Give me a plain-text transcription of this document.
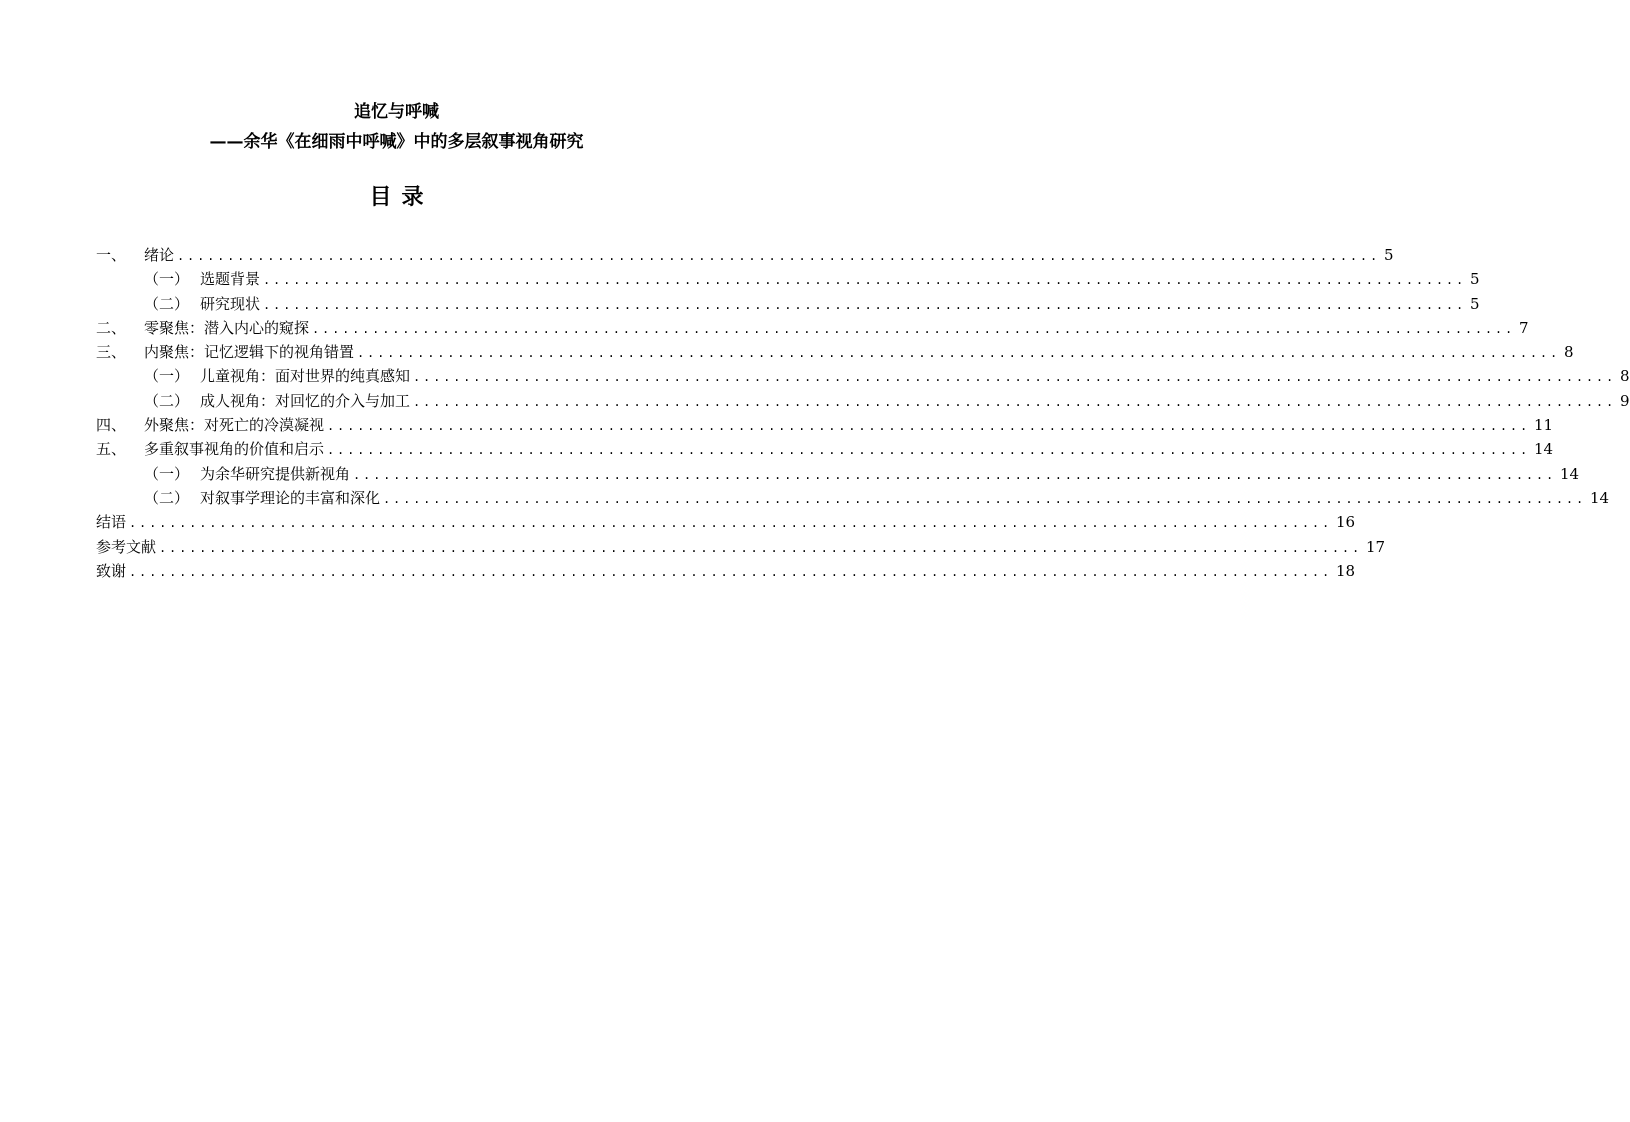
追忆与呼喊
——余华《在细雨中呼喊》中的多层叙事视角研究
目录
一、	绪论 ........................................................................................................................ 5
（一） 选题背景 ........................................................................................................................ 5
（二） 研究现状 ........................................................................................................................ 5
二、	零聚焦：潜入内心的窥探 ........................................................................................................................ 7
三、	内聚焦：记忆逻辑下的视角错置 ........................................................................................................................ 8
（一） 儿童视角：面对世界的纯真感知 ........................................................................................................................ 8
（二） 成人视角：对回忆的介入与加工 ........................................................................................................................ 9
四、	外聚焦：对死亡的冷漠凝视 ........................................................................................................................ 11
五、	多重叙事视角的价值和启示 ........................................................................................................................ 14
（一） 为余华研究提供新视角 ........................................................................................................................ 14
（二） 对叙事学理论的丰富和深化 ........................................................................................................................ 14
结语 ........................................................................................................................ 16
参考文献 ........................................................................................................................ 17
致谢 ........................................................................................................................ 18
